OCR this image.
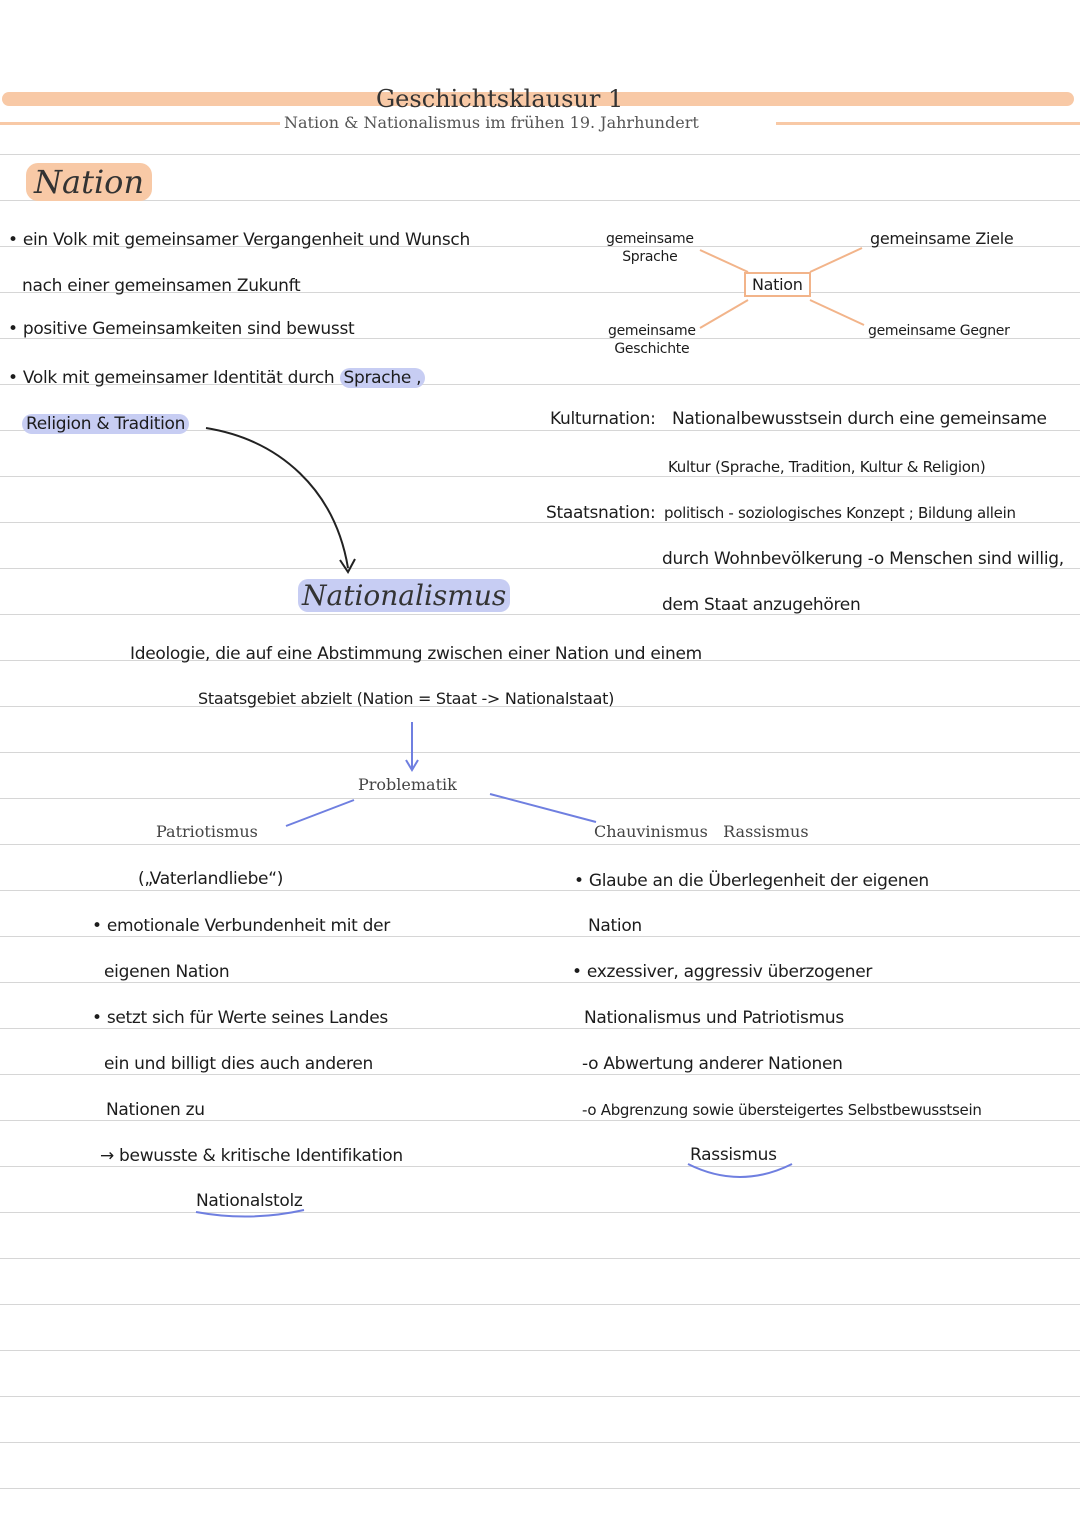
Geschichtsklausur 1
Nation & Nationalismus im frühen 19. Jahrhundert
Nation
• ein Volk mit gemeinsamer Vergangenheit und Wunsch
nach einer gemeinsamen Zukunft
• positive Gemeinsamkeiten sind bewusst
• Volk mit gemeinsamer Identität durch Sprache ,
Religion & Tradition
gemeinsame
Sprache
gemeinsame Ziele
Nation
gemeinsame
Geschichte
gemeinsame Gegner
Kulturnation: Nationalbewusstsein durch eine gemeinsame
Kultur (Sprache, Tradition, Kultur & Religion)
Staatsnation: politisch - soziologisches Konzept ; Bildung allein
durch Wohnbevölkerung -o Menschen sind willig,
dem Staat anzugehören
Nationalismus
Ideologie, die auf eine Abstimmung zwischen einer Nation und einem
Staatsgebiet abzielt (Nation = Staat -> Nationalstaat)
Problematik
Patriotismus
(„Vaterlandliebe“)
• emotionale Verbundenheit mit der
eigenen Nation
• setzt sich für Werte seines Landes
ein und billigt dies auch anderen
Nationen zu
→ bewusste & kritische Identifikation
Nationalstolz
Chauvinismus Rassismus
• Glaube an die Überlegenheit der eigenen
Nation
• exzessiver, aggressiv überzogener
Nationalismus und Patriotismus
-o Abwertung anderer Nationen
-o Abgrenzung sowie übersteigertes Selbstbewusstsein
Rassismus
